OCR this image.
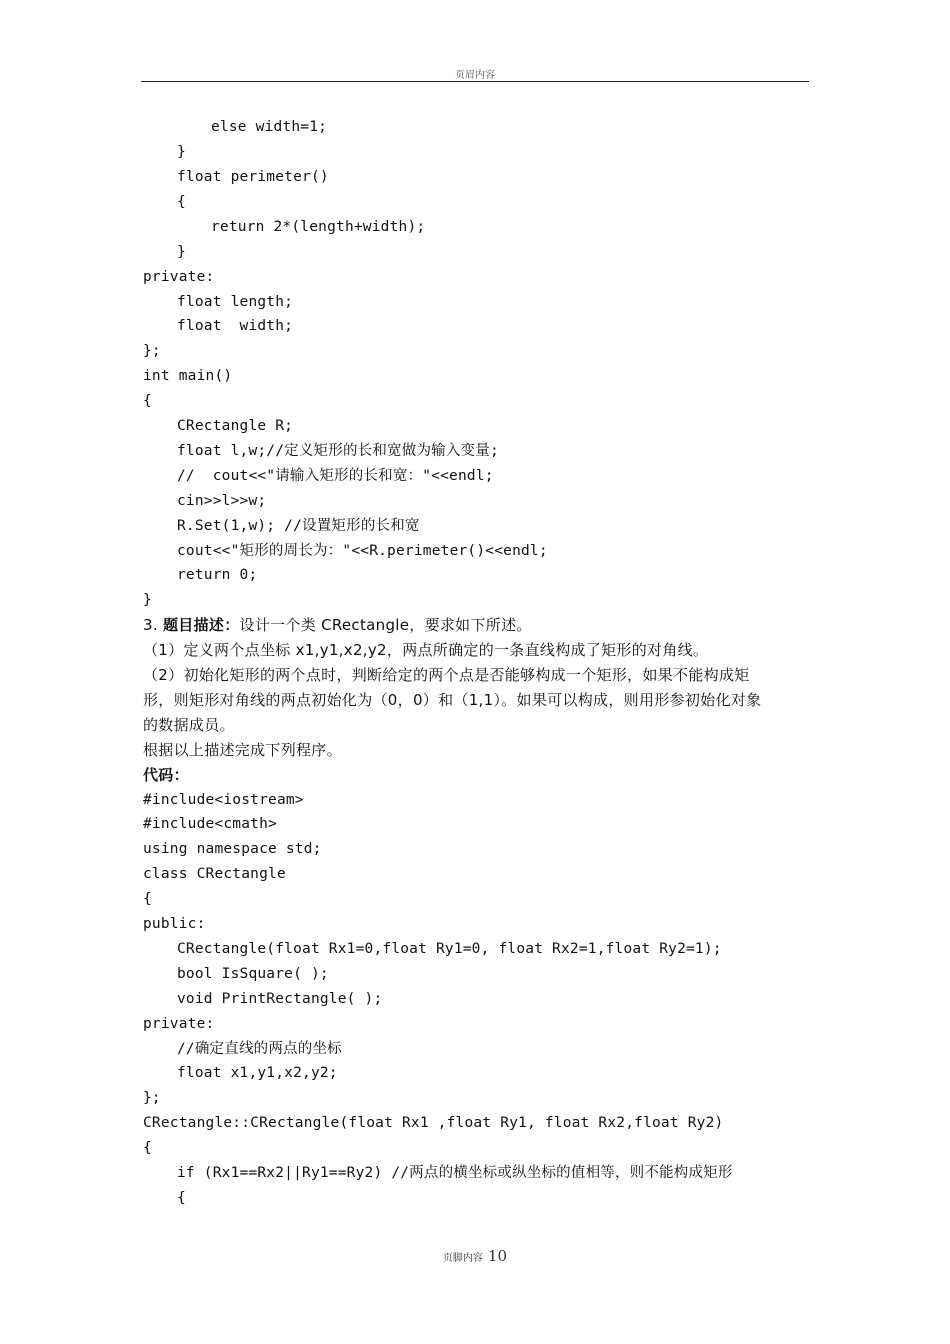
页眉内容
else width=1;
}
float perimeter()
{
return 2*(length+width);
}
private:
float length;
float  width;
};
int main()
{
CRectangle R;
float l,w;//定义矩形的长和宽做为输入变量;
//  cout<<"请输入矩形的长和宽："<<endl;
cin>>l>>w;
R.Set(1,w); //设置矩形的长和宽
cout<<"矩形的周长为："<<R.perimeter()<<endl;
return 0;
}
3. 题目描述：设计一个类 CRectangle，要求如下所述。
（1）定义两个点坐标 x1,y1,x2,y2，两点所确定的一条直线构成了矩形的对角线。
（2）初始化矩形的两个点时，判断给定的两个点是否能够构成一个矩形，如果不能构成矩
形，则矩形对角线的两点初始化为（0，0）和（1,1）。如果可以构成，则用形参初始化对象
的数据成员。
根据以上描述完成下列程序。
代码：
#include<iostream>
#include<cmath>
using namespace std;
class CRectangle
{
public:
CRectangle(float Rx1=0,float Ry1=0, float Rx2=1,float Ry2=1);
bool IsSquare( );
void PrintRectangle( );
private:
//确定直线的两点的坐标
float x1,y1,x2,y2;
};
CRectangle::CRectangle(float Rx1 ,float Ry1, float Rx2,float Ry2)
{
if (Rx1==Rx2||Ry1==Ry2) //两点的横坐标或纵坐标的值相等，则不能构成矩形
{
页脚内容 10
